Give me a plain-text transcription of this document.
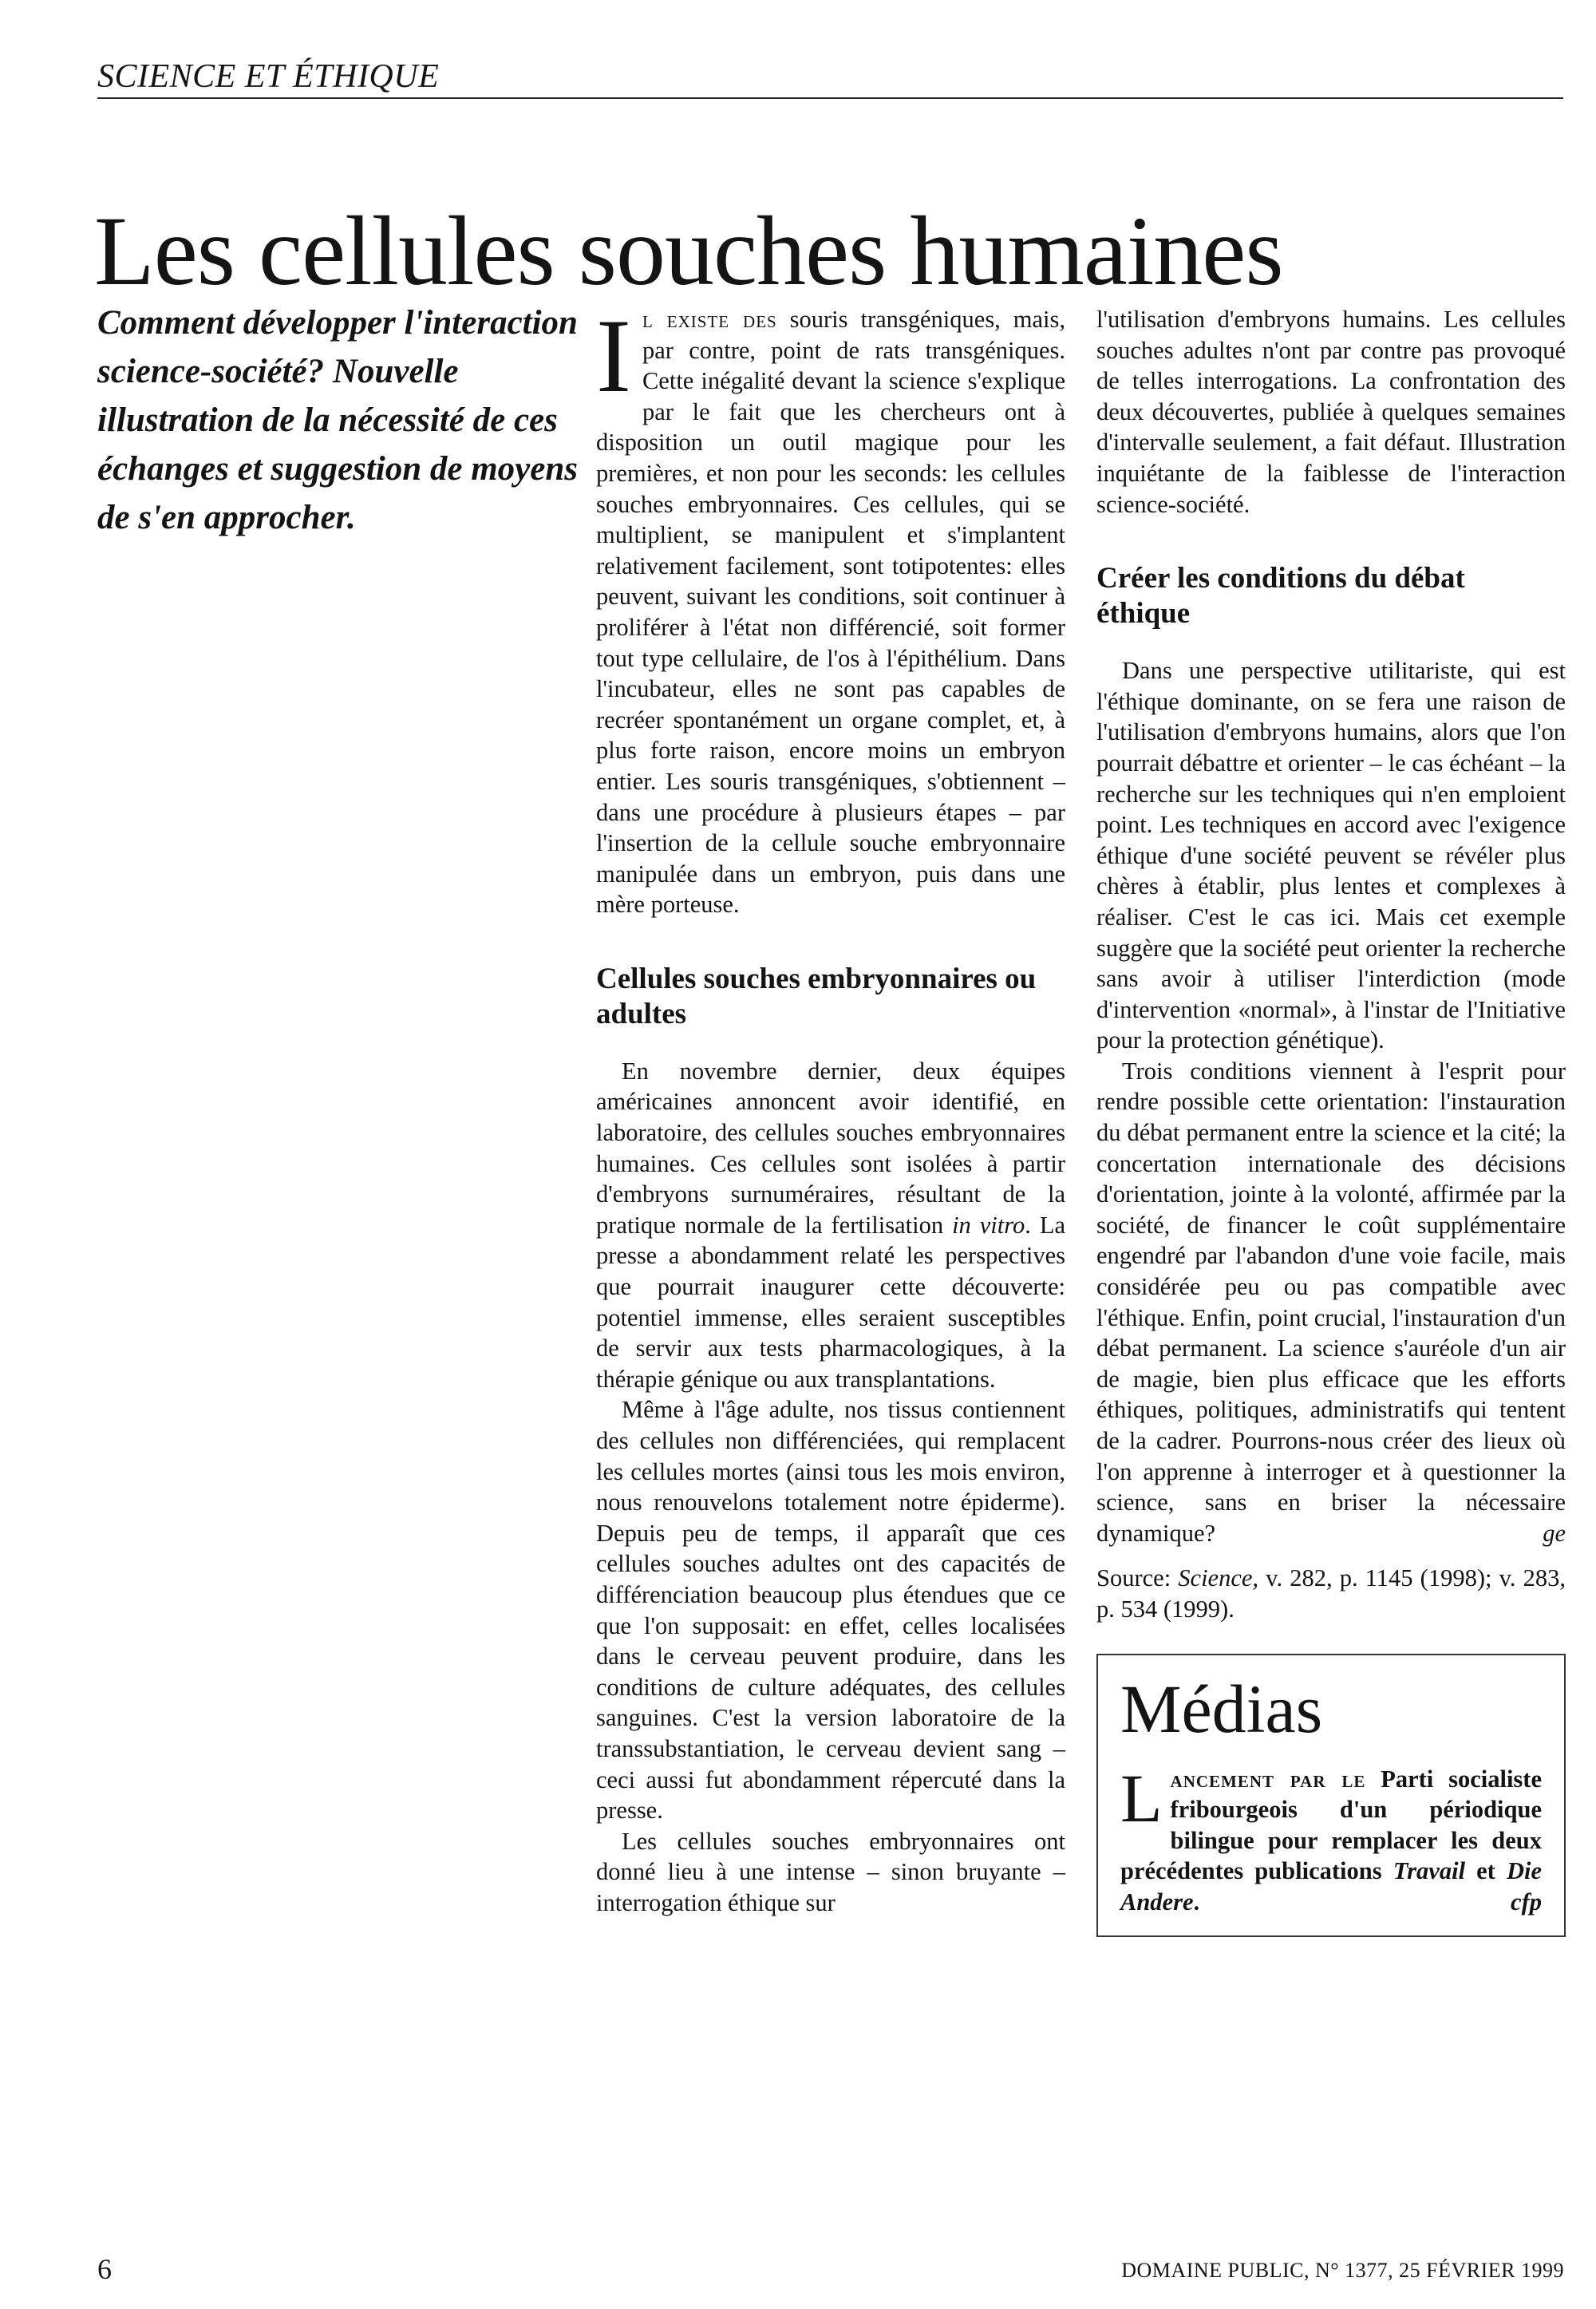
SCIENCE ET ÉTHIQUE
Les cellules souches humaines
Comment développer l'interaction science-société? Nouvelle illustration de la nécessité de ces échanges et suggestion de moyens de s'en approcher.

Il existe des souris transgéniques, mais, par contre, point de rats transgéniques. Cette inégalité devant la science s'explique par le fait que les chercheurs ont à disposition un outil magique pour les premières, et non pour les seconds: les cellules souches embryonnaires. Ces cellules, qui se multiplient, se manipulent et s'implantent relativement facilement, sont totipotentes: elles peuvent, suivant les conditions, soit continuer à proliférer à l'état non différencié, soit former tout type cellulaire, de l'os à l'épithélium. Dans l'incubateur, elles ne sont pas capables de recréer spontanément un organe complet, et, à plus forte raison, encore moins un embryon entier. Les souris transgéniques, s'obtiennent – dans une procédure à plusieurs étapes – par l'insertion de la cellule souche embryonnaire manipulée dans un embryon, puis dans une mère porteuse.

Cellules souches embryonnaires ou adultes

En novembre dernier, deux équipes américaines annoncent avoir identifié, en laboratoire, des cellules souches embryonnaires humaines. Ces cellules sont isolées à partir d'embryons surnuméraires, résultant de la pratique normale de la fertilisation in vitro. La presse a abondamment relaté les perspectives que pourrait inaugurer cette découverte: potentiel immense, elles seraient susceptibles de servir aux tests pharmacologiques, à la thérapie génique ou aux transplantations.

Même à l'âge adulte, nos tissus contiennent des cellules non différenciées, qui remplacent les cellules mortes (ainsi tous les mois environ, nous renouvelons totalement notre épiderme). Depuis peu de temps, il apparaît que ces cellules souches adultes ont des capacités de différenciation beaucoup plus étendues que ce que l'on supposait: en effet, celles localisées dans le cerveau peuvent produire, dans les conditions de culture adéquates, des cellules sanguines. C'est la version laboratoire de la transsubstantiation, le cerveau devient sang – ceci aussi fut abondamment répercuté dans la presse.

Les cellules souches embryonnaires ont donné lieu à une intense – sinon bruyante – interrogation éthique sur

l'utilisation d'embryons humains. Les cellules souches adultes n'ont par contre pas provoqué de telles interrogations. La confrontation des deux découvertes, publiée à quelques semaines d'intervalle seulement, a fait défaut. Illustration inquiétante de la faiblesse de l'interaction science-société.

Créer les conditions du débat éthique

Dans une perspective utilitariste, qui est l'éthique dominante, on se fera une raison de l'utilisation d'embryons humains, alors que l'on pourrait débattre et orienter – le cas échéant – la recherche sur les techniques qui n'en emploient point. Les techniques en accord avec l'exigence éthique d'une société peuvent se révéler plus chères à établir, plus lentes et complexes à réaliser. C'est le cas ici. Mais cet exemple suggère que la société peut orienter la recherche sans avoir à utiliser l'interdiction (mode d'intervention «normal», à l'instar de l'Initiative pour la protection génétique).

Trois conditions viennent à l'esprit pour rendre possible cette orientation: l'instauration du débat permanent entre la science et la cité; la concertation internationale des décisions d'orientation, jointe à la volonté, affirmée par la société, de financer le coût supplémentaire engendré par l'abandon d'une voie facile, mais considérée peu ou pas compatible avec l'éthique. Enfin, point crucial, l'instauration d'un débat permanent. La science s'auréole d'un air de magie, bien plus efficace que les efforts éthiques, politiques, administratifs qui tentent de la cadrer. Pourrons-nous créer des lieux où l'on apprenne à interroger et à questionner la science, sans en briser la nécessaire dynamique?	ge

Source: Science, v. 282, p. 1145 (1998); v. 283, p. 534 (1999).

Médias

Lancement par le Parti socialiste fribourgeois d'un périodique bilingue pour remplacer les deux précédentes publications Travail et Die Andere.	cfp

6	DOMAINE PUBLIC, N° 1377, 25 FÉVRIER 1999
